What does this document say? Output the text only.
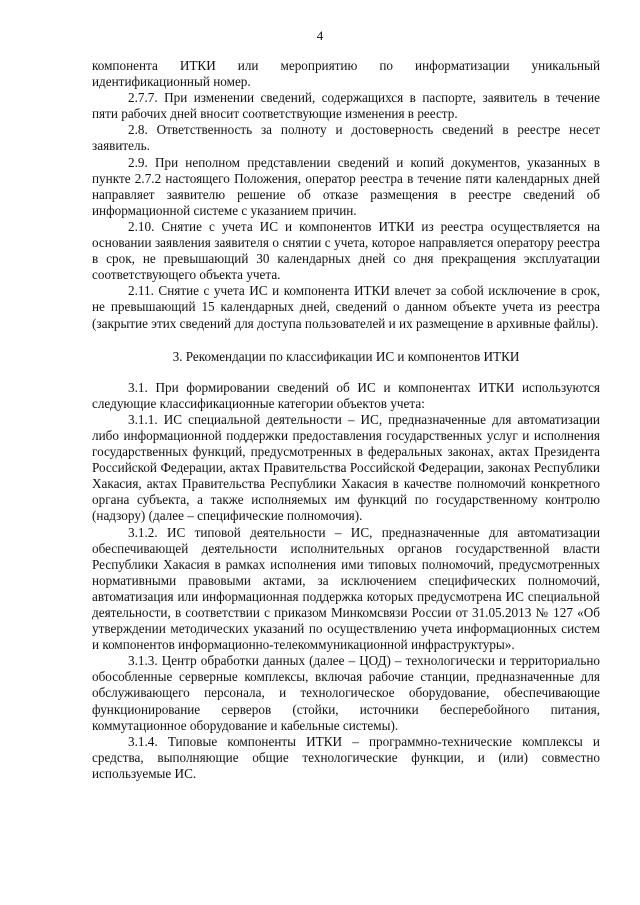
4

компонента ИТКИ или мероприятию по информатизации уникальный идентификационный номер.

2.7.7. При изменении сведений, содержащихся в паспорте, заявитель в течение пяти рабочих дней вносит соответствующие изменения в реестр.

2.8. Ответственность за полноту и достоверность сведений в реестре несет заявитель.

2.9. При неполном представлении сведений и копий документов, указанных в пункте 2.7.2 настоящего Положения, оператор реестра в течение пяти календарных дней направляет заявителю решение об отказе размещения в реестре сведений об информационной системе с указанием причин.

2.10. Снятие с учета ИС и компонентов ИТКИ из реестра осуществляется на основании заявления заявителя о снятии с учета, которое направляется оператору реестра в срок, не превышающий 30 календарных дней со дня прекращения эксплуатации соответствующего объекта учета.

2.11. Снятие с учета ИС и компонента ИТКИ влечет за собой исключение в срок, не превышающий 15 календарных дней, сведений о данном объекте учета из реестра (закрытие этих сведений для доступа пользователей и их размещение в архивные файлы).

3. Рекомендации по классификации ИС и компонентов ИТКИ

3.1. При формировании сведений об ИС и компонентах ИТКИ используются следующие классификационные категории объектов учета:

3.1.1. ИС специальной деятельности – ИС, предназначенные для автоматизации либо информационной поддержки предоставления государственных услуг и исполнения государственных функций, предусмотренных в федеральных законах, актах Президента Российской Федерации, актах Правительства Российской Федерации, законах Республики Хакасия, актах Правительства Республики Хакасия в качестве полномочий конкретного органа субъекта, а также исполняемых им функций по государственному контролю (надзору) (далее – специфические полномочия).

3.1.2. ИС типовой деятельности – ИС, предназначенные для автоматизации обеспечивающей деятельности исполнительных органов государственной власти Республики Хакасия в рамках исполнения ими типовых полномочий, предусмотренных нормативными правовыми актами, за исключением специфических полномочий, автоматизация или информационная поддержка которых предусмотрена ИС специальной деятельности, в соответствии с приказом Минкомсвязи России от 31.05.2013 № 127 «Об утверждении методических указаний по осуществлению учета информационных систем и компонентов информационно-телекоммуникационной инфраструктуры».

3.1.3. Центр обработки данных (далее – ЦОД) – технологически и территориально обособленные серверные комплексы, включая рабочие станции, предназначенные для обслуживающего персонала, и технологическое оборудование, обеспечивающие функционирование серверов (стойки, источники бесперебойного питания, коммутационное оборудование и кабельные системы).

3.1.4. Типовые компоненты ИТКИ – программно-технические комплексы и средства, выполняющие общие технологические функции, и (или) совместно используемые ИС.
